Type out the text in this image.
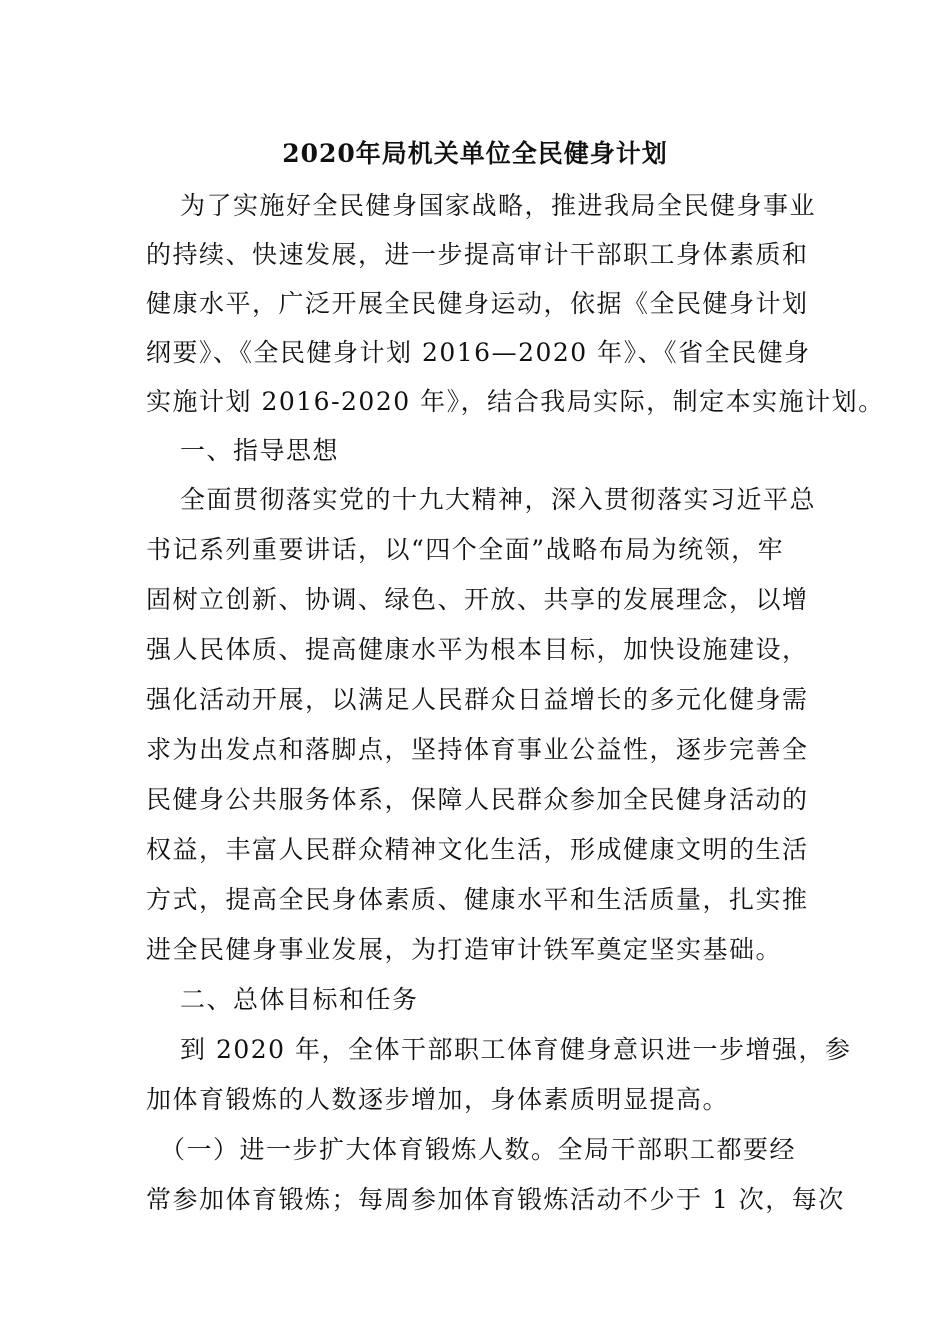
2020年局机关单位全民健身计划
为了实施好全民健身国家战略，推进我局全民健身事业
的持续、快速发展，进一步提高审计干部职工身体素质和
健康水平，广泛开展全民健身运动，依据《全民健身计划
纲要》、《全民健身计划 2016—2020 年》、《省全民健身
实施计划 2016-2020 年》，结合我局实际，制定本实施计划。
一、指导思想
全面贯彻落实党的十九大精神，深入贯彻落实习近平总
书记系列重要讲话，以“四个全面”战略布局为统领，牢
固树立创新、协调、绿色、开放、共享的发展理念，以增
强人民体质、提高健康水平为根本目标，加快设施建设，
强化活动开展，以满足人民群众日益增长的多元化健身需
求为出发点和落脚点，坚持体育事业公益性，逐步完善全
民健身公共服务体系，保障人民群众参加全民健身活动的
权益，丰富人民群众精神文化生活，形成健康文明的生活
方式，提高全民身体素质、健康水平和生活质量，扎实推
进全民健身事业发展，为打造审计铁军奠定坚实基础。
二、总体目标和任务
到 2020 年，全体干部职工体育健身意识进一步增强，参
加体育锻炼的人数逐步增加，身体素质明显提高。
（一）进一步扩大体育锻炼人数。全局干部职工都要经
常参加体育锻炼；每周参加体育锻炼活动不少于 1 次，每次
